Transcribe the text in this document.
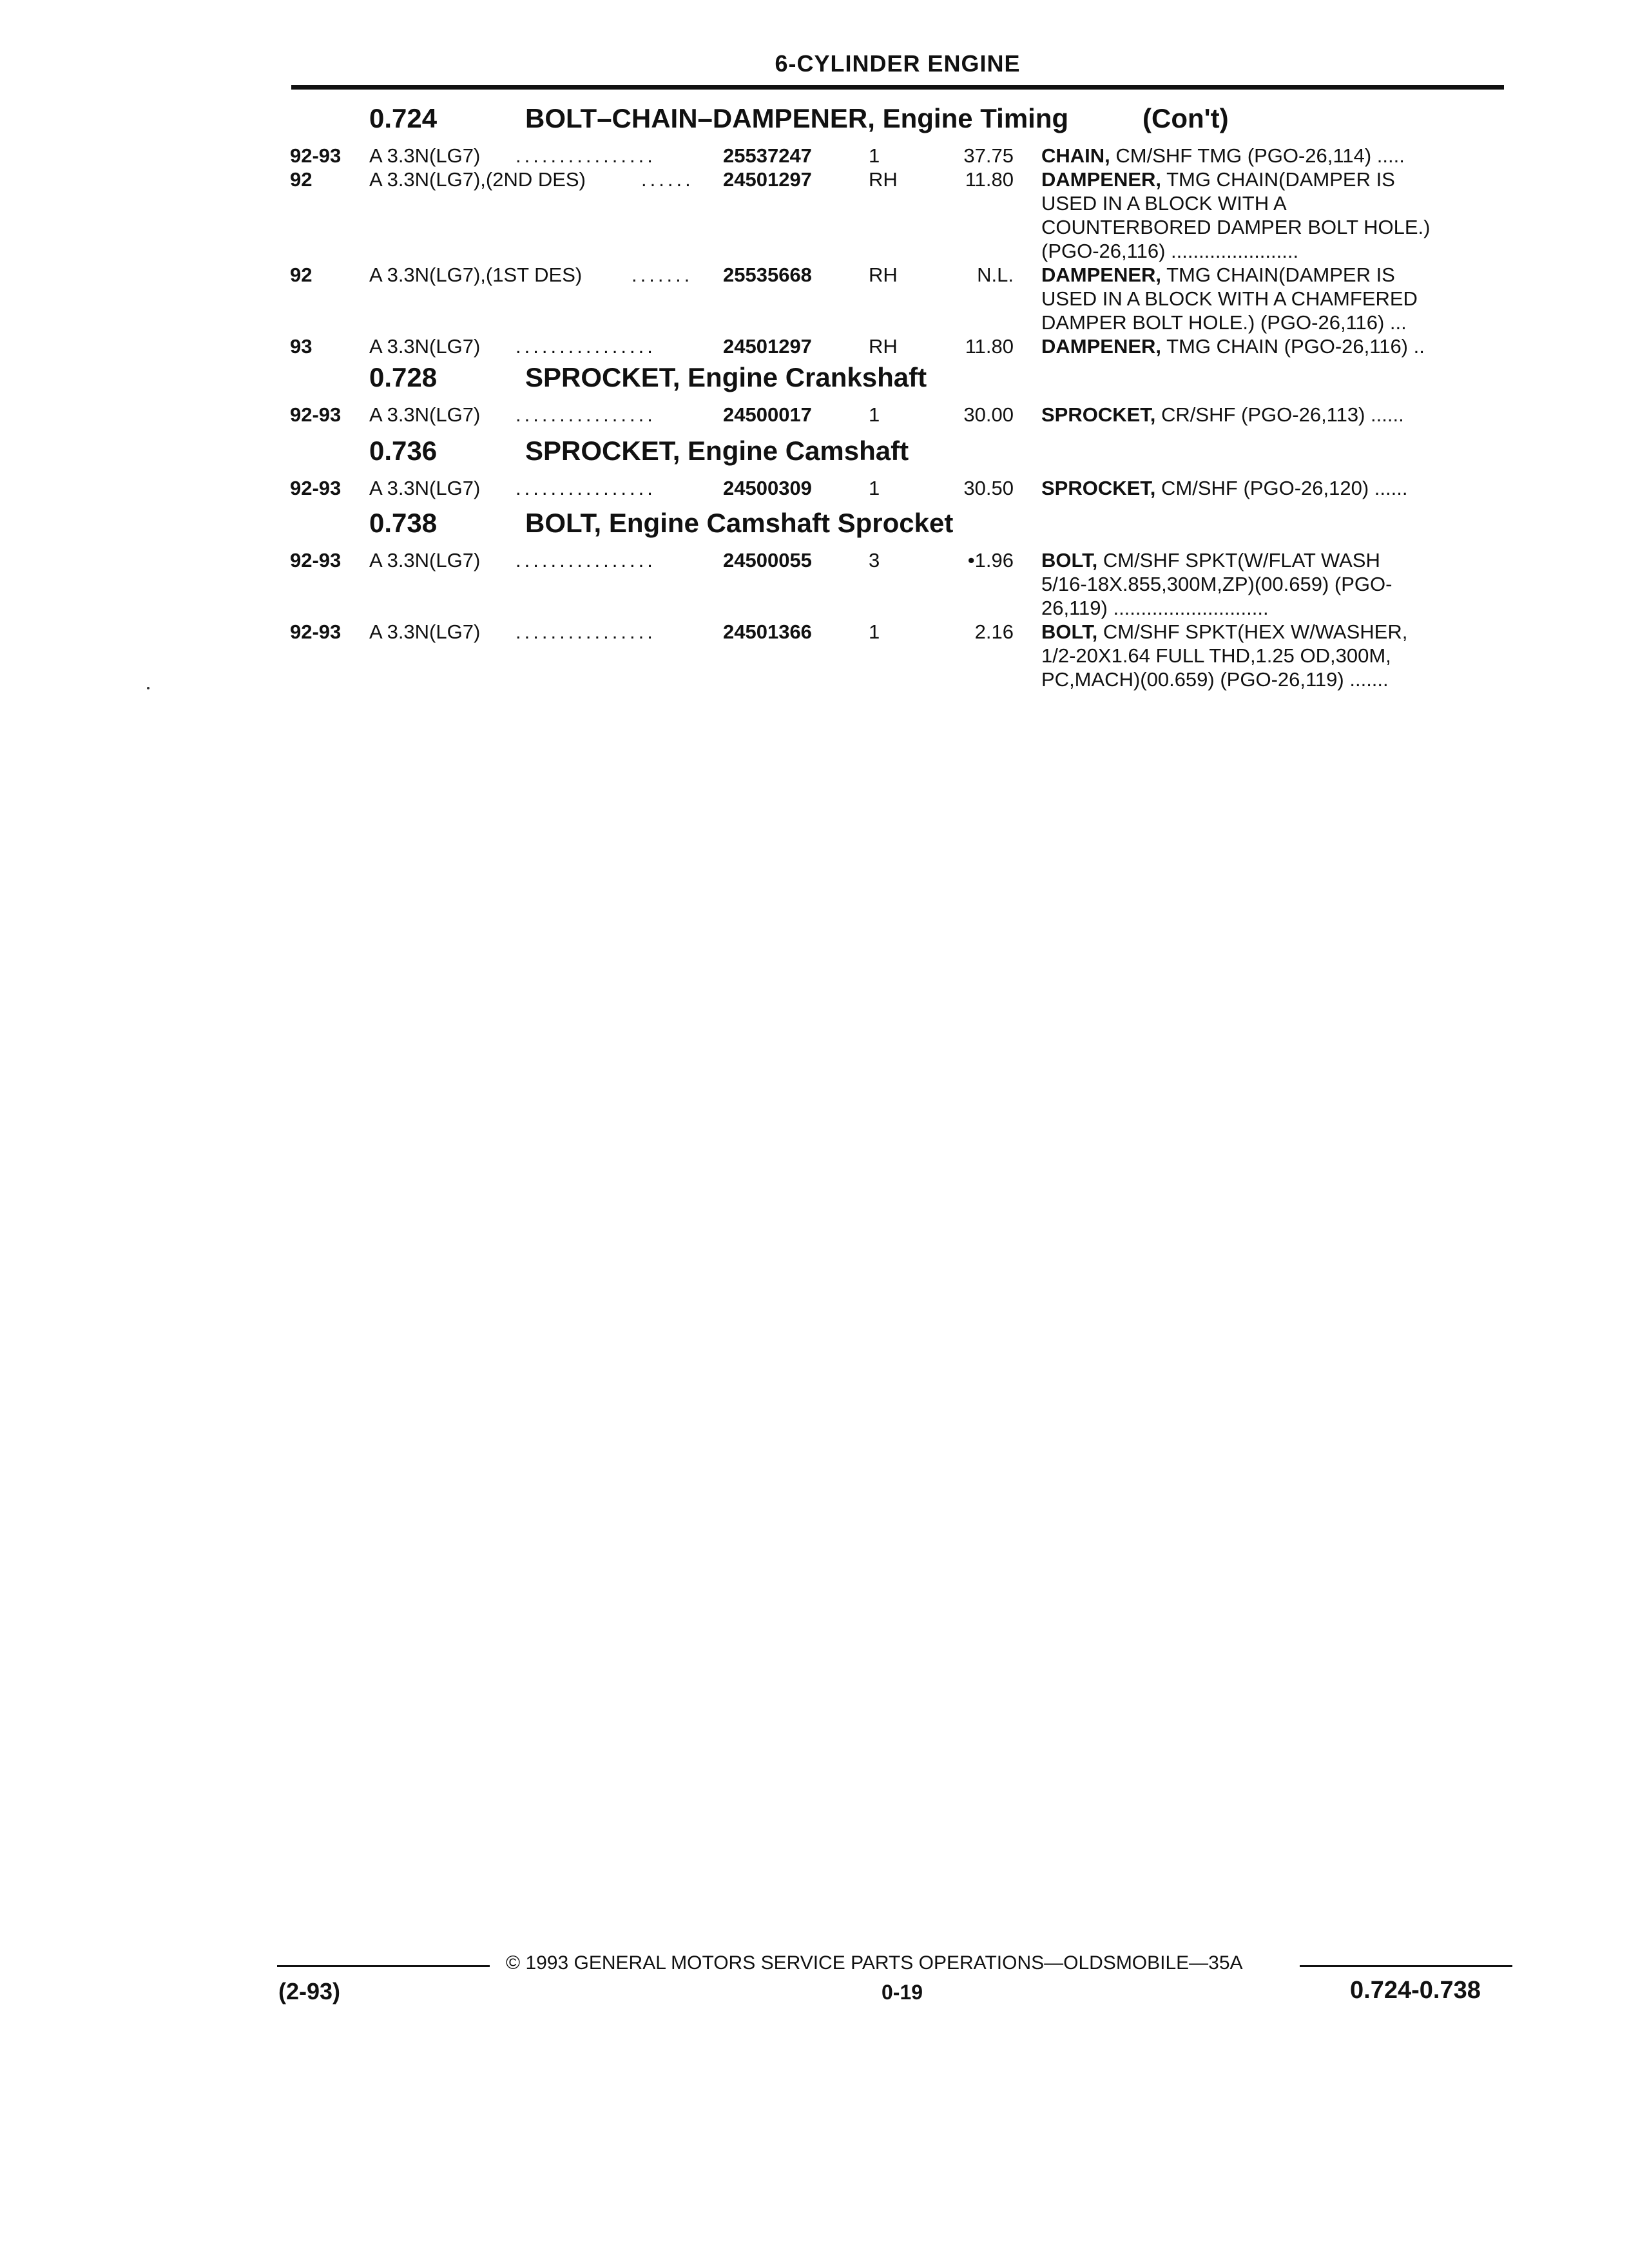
6-CYLINDER ENGINE
0.724	BOLT–CHAIN–DAMPENER, Engine Timing	(Con't)
92-93 A 3.3N(LG7) ................	25537247	1	37.75 CHAIN, CM/SHF TMG (PGO-26,114) .....
92	A 3.3N(LG7),(2ND DES)	...... 24501297	RH	11.80 DAMPENER, TMG CHAIN(DAMPER IS
USED IN A BLOCK WITH A
COUNTERBORED DAMPER BOLT HOLE.)
(PGO-26,116) .......................
92	A 3.3N(LG7),(1ST DES) ....... 25535668	RH	N.L. DAMPENER, TMG CHAIN(DAMPER IS
USED IN A BLOCK WITH A CHAMFERED
DAMPER BOLT HOLE.) (PGO-26,116) ...
93	A 3.3N(LG7) ................	24501297	RH	11.80 DAMPENER, TMG CHAIN (PGO-26,116) ..
0.728	SPROCKET, Engine Crankshaft
92-93 A 3.3N(LG7) ................	24500017	1	30.00 SPROCKET, CR/SHF (PGO-26,113) ......
0.736	SPROCKET, Engine Camshaft
92-93 A 3.3N(LG7) ................	24500309	1	30.50 SPROCKET, CM/SHF (PGO-26,120) ......
0.738	BOLT, Engine Camshaft Sprocket
92-93 A 3.3N(LG7) ................	24500055	3	•1.96 BOLT, CM/SHF SPKT(W/FLAT WASH
5/16-18X.855,300M,ZP)(00.659) (PGO-
26,119) ............................
92-93 A 3.3N(LG7) ................	24501366	1	2.16 BOLT, CM/SHF SPKT(HEX W/WASHER,
1/2-20X1.64 FULL THD,1.25 OD,300M,
PC,MACH)(00.659) (PGO-26,119) .......
© 1993 GENERAL MOTORS SERVICE PARTS OPERATIONS—OLDSMOBILE—35A
(2-93)	0-19	0.724-0.738
